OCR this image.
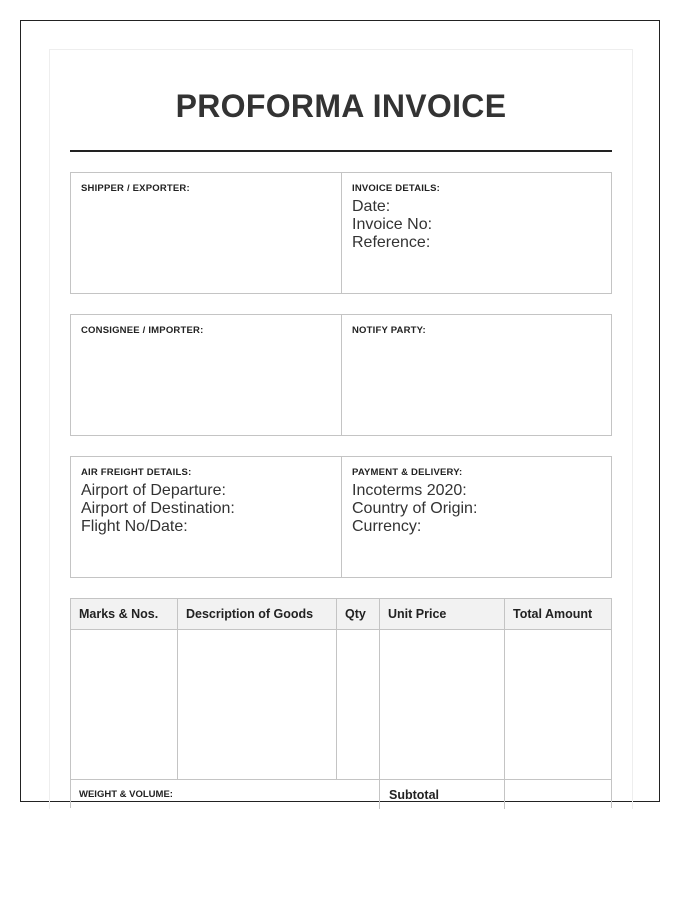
PROFORMA INVOICE
SHIPPER / EXPORTER:	INVOICE DETAILS:
Date:
Invoice No:
Reference:
CONSIGNEE / IMPORTER:	NOTIFY PARTY:
AIR FREIGHT DETAILS:
Airport of Departure:
Airport of Destination:
Flight No/Date:
PAYMENT & DELIVERY:
Incoterms 2020:
Country of Origin:
Currency:
Marks & Nos.	Description of Goods	Qty	Unit Price	Total Amount
WEIGHT & VOLUME:	Subtotal
